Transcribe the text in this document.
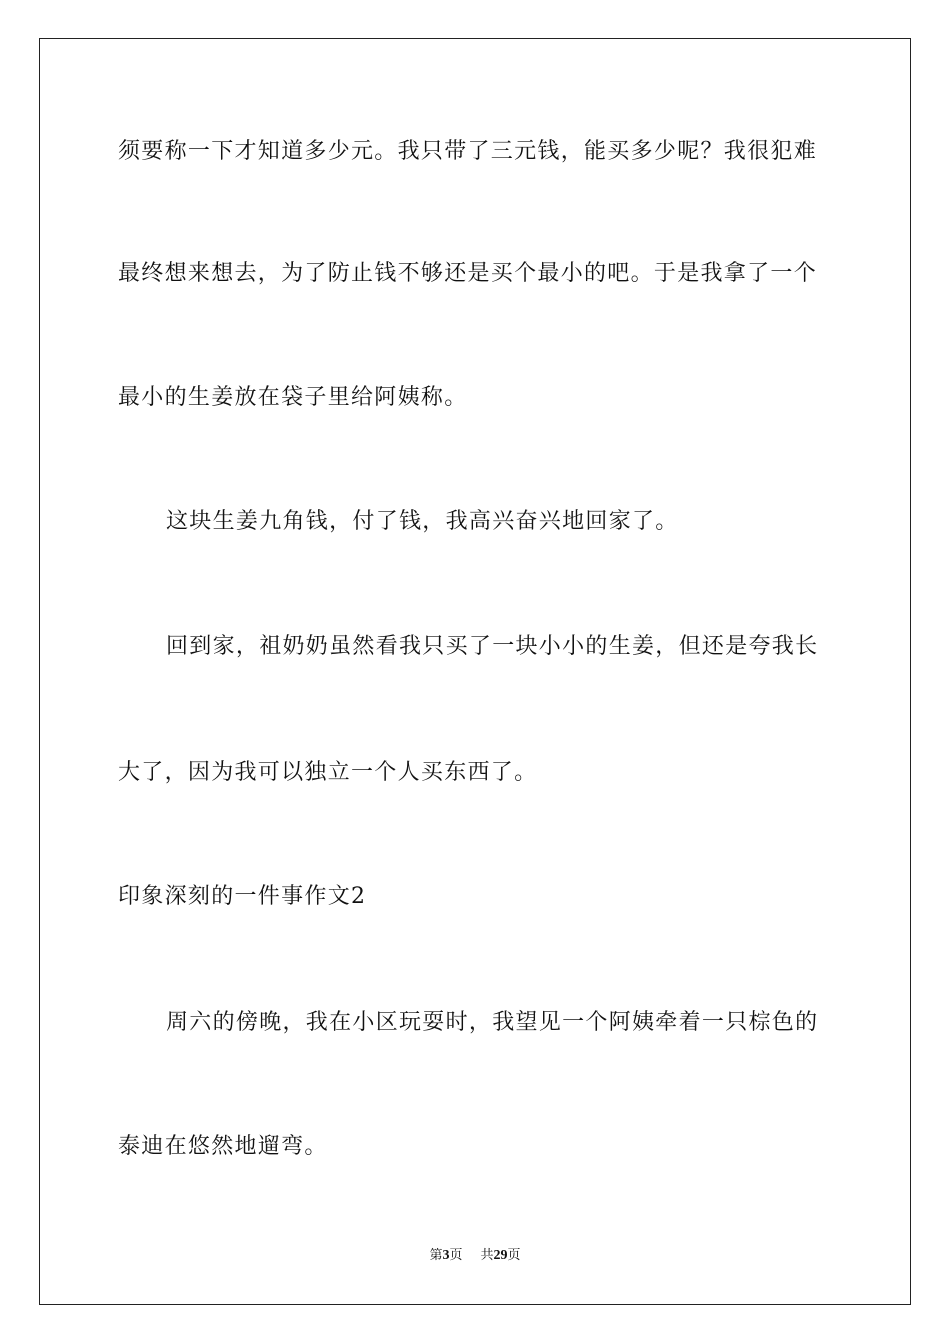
须要称一下才知道多少元。我只带了三元钱，能买多少呢？我很犯难
最终想来想去，为了防止钱不够还是买个最小的吧。于是我拿了一个
最小的生姜放在袋子里给阿姨称。
这块生姜九角钱，付了钱，我高兴奋兴地回家了。
回到家，祖奶奶虽然看我只买了一块小小的生姜，但还是夸我长
大了，因为我可以独立一个人买东西了。
印象深刻的一件事作文2
周六的傍晚，我在小区玩耍时，我望见一个阿姨牵着一只棕色的
泰迪在悠然地遛弯。
第3页 共29页
